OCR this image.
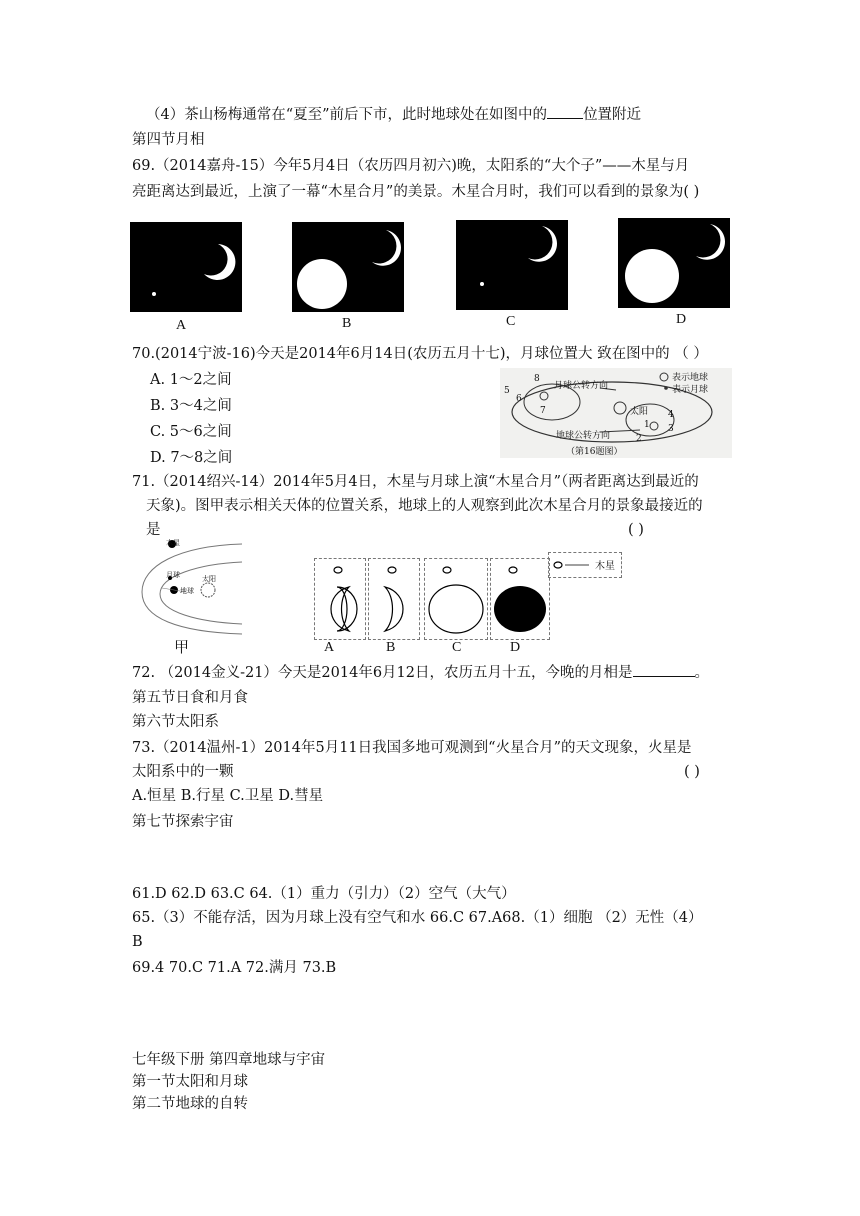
（4）茶山杨梅通常在“夏至”前后下市，此时地球处在如图中的 位置附近
第四节月相
69.（2014嘉舟-15）今年5月4日（农历四月初六)晚，太阳系的“大个子”——木星与月
亮距离达到最近，上演了一幕“木星合月”的美景。木星合月时，我们可以看到的景象为( )
A	B	C	D
70.(2014宁波-16)今天是2014年6月14日(农历五月十七)，月球位置大 致在图中的 （ ）
A. 1～2之间
B. 3～4之间
C. 5～6之间
D. 7～8之间
表示地球
表示月球
月球公转方向
太阳
地球公转方向
（第16题图）
1
2
3
4
5
6
7
8
71.（2014绍兴-14）2014年5月4日，木星与月球上演“木星合月”（两者距离达到最近的
天象)。图甲表示相关天体的位置关系，地球上的人观察到此次木星合月的景象最接近的
是	( )
木星
月球
地球
太阳
甲
木星
A	B	C	D
72. （2014金义-21）今天是2014年6月12日，农历五月十五，今晚的月相是	。
第五节日食和月食
第六节太阳系
73.（2014温州-1）2014年5月11日我国多地可观测到“火星合月”的天文现象，火星是
太阳系中的一颗	( )
A.恒星 B.行星 C.卫星 D.彗星
第七节探索宇宙
61.D 62.D 63.C 64.（1）重力（引力）（2）空气（大气）
65.（3）不能存活，因为月球上没有空气和水 66.C 67.A68.（1）细胞 （2）无性（4）
B
69.4 70.C 71.A 72.满月 73.B
七年级下册 第四章地球与宇宙
第一节太阳和月球
第二节地球的自转
